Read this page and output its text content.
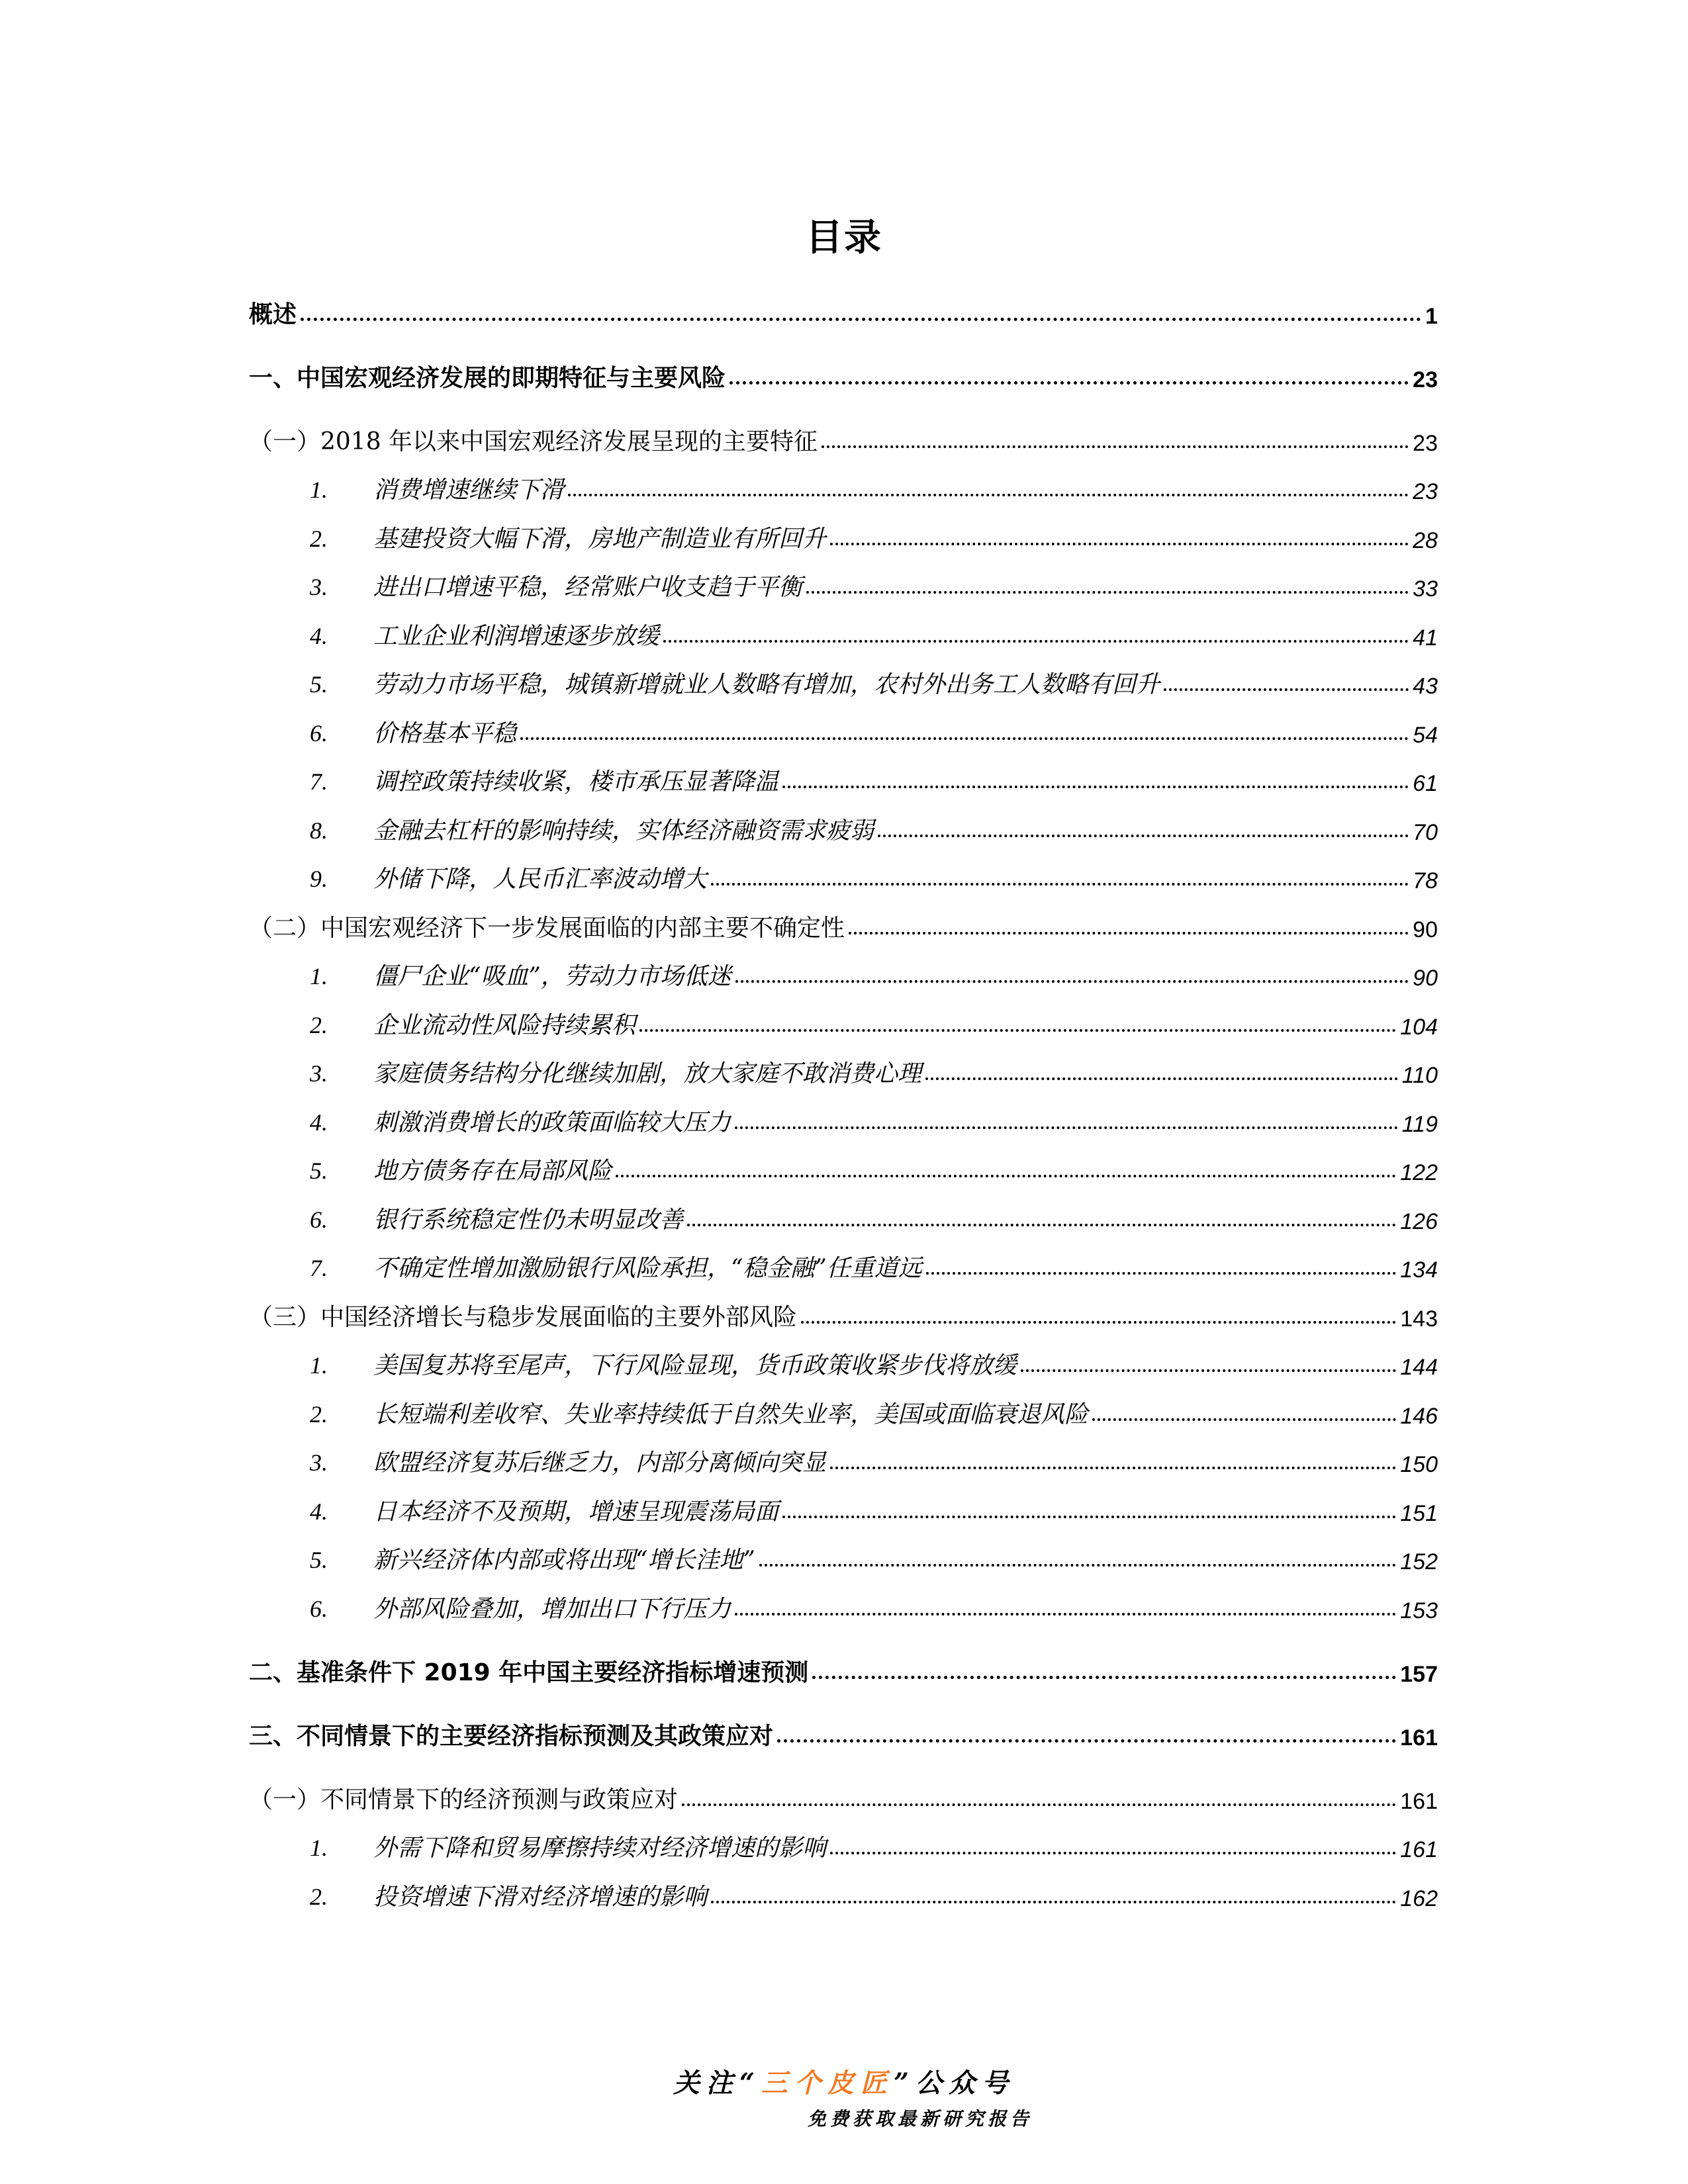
目录
概述	1
一、中国宏观经济发展的即期特征与主要风险	23
（一）2018 年以来中国宏观经济发展呈现的主要特征	23
1.	消费增速继续下滑	23
2.	基建投资大幅下滑，房地产制造业有所回升	28
3.	进出口增速平稳，经常账户收支趋于平衡	33
4.	工业企业利润增速逐步放缓	41
5.	劳动力市场平稳，城镇新增就业人数略有增加，农村外出务工人数略有回升	43
6.	价格基本平稳	54
7.	调控政策持续收紧，楼市承压显著降温	61
8.	金融去杠杆的影响持续，实体经济融资需求疲弱	70
9.	外储下降，人民币汇率波动增大	78
（二）中国宏观经济下一步发展面临的内部主要不确定性	90
1.	僵尸企业“吸血”，劳动力市场低迷	90
2.	企业流动性风险持续累积	104
3.	家庭债务结构分化继续加剧，放大家庭不敢消费心理	110
4.	刺激消费增长的政策面临较大压力	119
5.	地方债务存在局部风险	122
6.	银行系统稳定性仍未明显改善	126
7.	不确定性增加激励银行风险承担，“稳金融”任重道远	134
（三）中国经济增长与稳步发展面临的主要外部风险	143
1.	美国复苏将至尾声，下行风险显现，货币政策收紧步伐将放缓	144
2.	长短端利差收窄、失业率持续低于自然失业率，美国或面临衰退风险	146
3.	欧盟经济复苏后继乏力，内部分离倾向突显	150
4.	日本经济不及预期，增速呈现震荡局面	151
5.	新兴经济体内部或将出现“增长洼地”	152
6.	外部风险叠加，增加出口下行压力	153
二、基准条件下 2019 年中国主要经济指标增速预测	157
三、不同情景下的主要经济指标预测及其政策应对	161
（一）不同情景下的经济预测与政策应对	161
1.	外需下降和贸易摩擦持续对经济增速的影响	161
2.	投资增速下滑对经济增速的影响	162
关注“三个皮匠”公众号
免费获取最新研究报告
